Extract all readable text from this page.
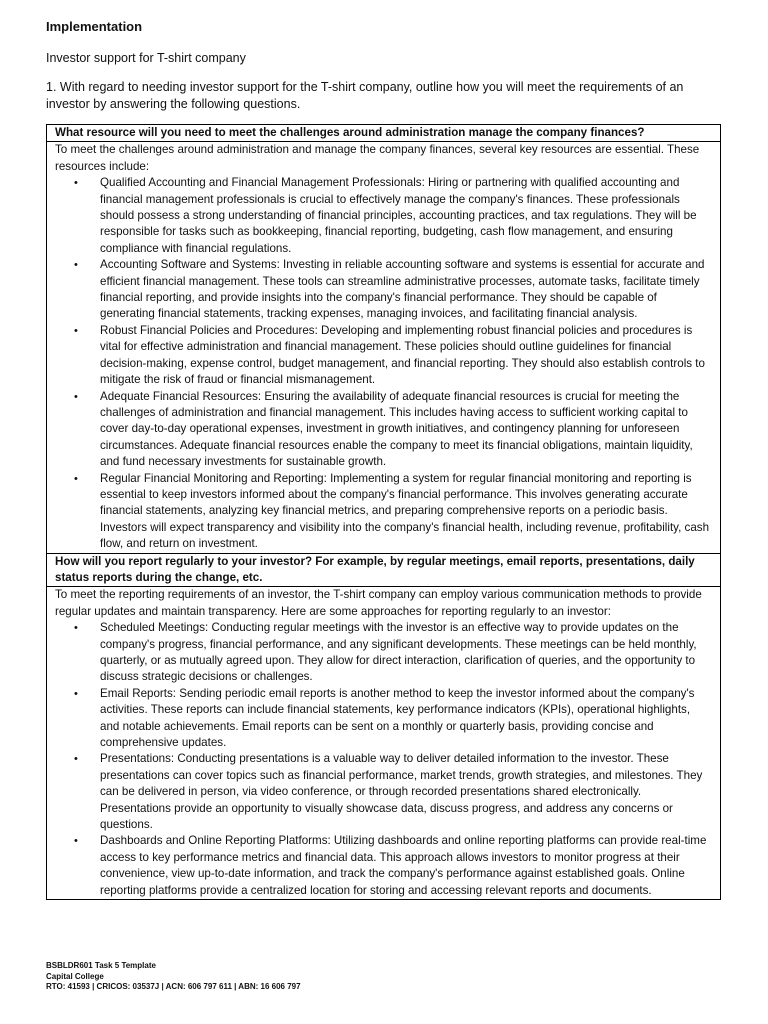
Implementation
Investor support for T-shirt company
1. With regard to needing investor support for the T-shirt company, outline how you will meet the requirements of an investor by answering the following questions.
What resource will you need to meet the challenges around administration manage the company finances?

To meet the challenges around administration and manage the company finances, several key resources are essential. These resources include:
• Qualified Accounting and Financial Management Professionals: Hiring or partnering with qualified accounting and financial management professionals is crucial to effectively manage the company's finances. These professionals should possess a strong understanding of financial principles, accounting practices, and tax regulations. They will be responsible for tasks such as bookkeeping, financial reporting, budgeting, cash flow management, and ensuring compliance with financial regulations.
• Accounting Software and Systems: Investing in reliable accounting software and systems is essential for accurate and efficient financial management. These tools can streamline administrative processes, automate tasks, facilitate timely financial reporting, and provide insights into the company's financial performance. They should be capable of generating financial statements, tracking expenses, managing invoices, and facilitating financial analysis.
• Robust Financial Policies and Procedures: Developing and implementing robust financial policies and procedures is vital for effective administration and financial management. These policies should outline guidelines for financial decision-making, expense control, budget management, and financial reporting. They should also establish controls to mitigate the risk of fraud or financial mismanagement.
• Adequate Financial Resources: Ensuring the availability of adequate financial resources is crucial for meeting the challenges of administration and financial management. This includes having access to sufficient working capital to cover day-to-day operational expenses, investment in growth initiatives, and contingency planning for unforeseen circumstances. Adequate financial resources enable the company to meet its financial obligations, maintain liquidity, and fund necessary investments for sustainable growth.
• Regular Financial Monitoring and Reporting: Implementing a system for regular financial monitoring and reporting is essential to keep investors informed about the company's financial performance. This involves generating accurate financial statements, analyzing key financial metrics, and preparing comprehensive reports on a periodic basis. Investors will expect transparency and visibility into the company's financial health, including revenue, profitability, cash flow, and return on investment.

How will you report regularly to your investor? For example, by regular meetings, email reports, presentations, daily status reports during the change, etc.

To meet the reporting requirements of an investor, the T-shirt company can employ various communication methods to provide regular updates and maintain transparency. Here are some approaches for reporting regularly to an investor:
• Scheduled Meetings: Conducting regular meetings with the investor is an effective way to provide updates on the company's progress, financial performance, and any significant developments. These meetings can be held monthly, quarterly, or as mutually agreed upon. They allow for direct interaction, clarification of queries, and the opportunity to discuss strategic decisions or challenges.
• Email Reports: Sending periodic email reports is another method to keep the investor informed about the company's activities. These reports can include financial statements, key performance indicators (KPIs), operational highlights, and notable achievements. Email reports can be sent on a monthly or quarterly basis, providing concise and comprehensive updates.
• Presentations: Conducting presentations is a valuable way to deliver detailed information to the investor. These presentations can cover topics such as financial performance, market trends, growth strategies, and milestones. They can be delivered in person, via video conference, or through recorded presentations shared electronically. Presentations provide an opportunity to visually showcase data, discuss progress, and address any concerns or questions.
• Dashboards and Online Reporting Platforms: Utilizing dashboards and online reporting platforms can provide real-time access to key performance metrics and financial data. This approach allows investors to monitor progress at their convenience, view up-to-date information, and track the company's performance against established goals. Online reporting platforms provide a centralized location for storing and accessing relevant reports and documents.
BSBLDR601 Task 5 Template
Capital College
RTO: 41593 | CRICOS: 03537J | ACN: 606 797 611 | ABN: 16 606 797
